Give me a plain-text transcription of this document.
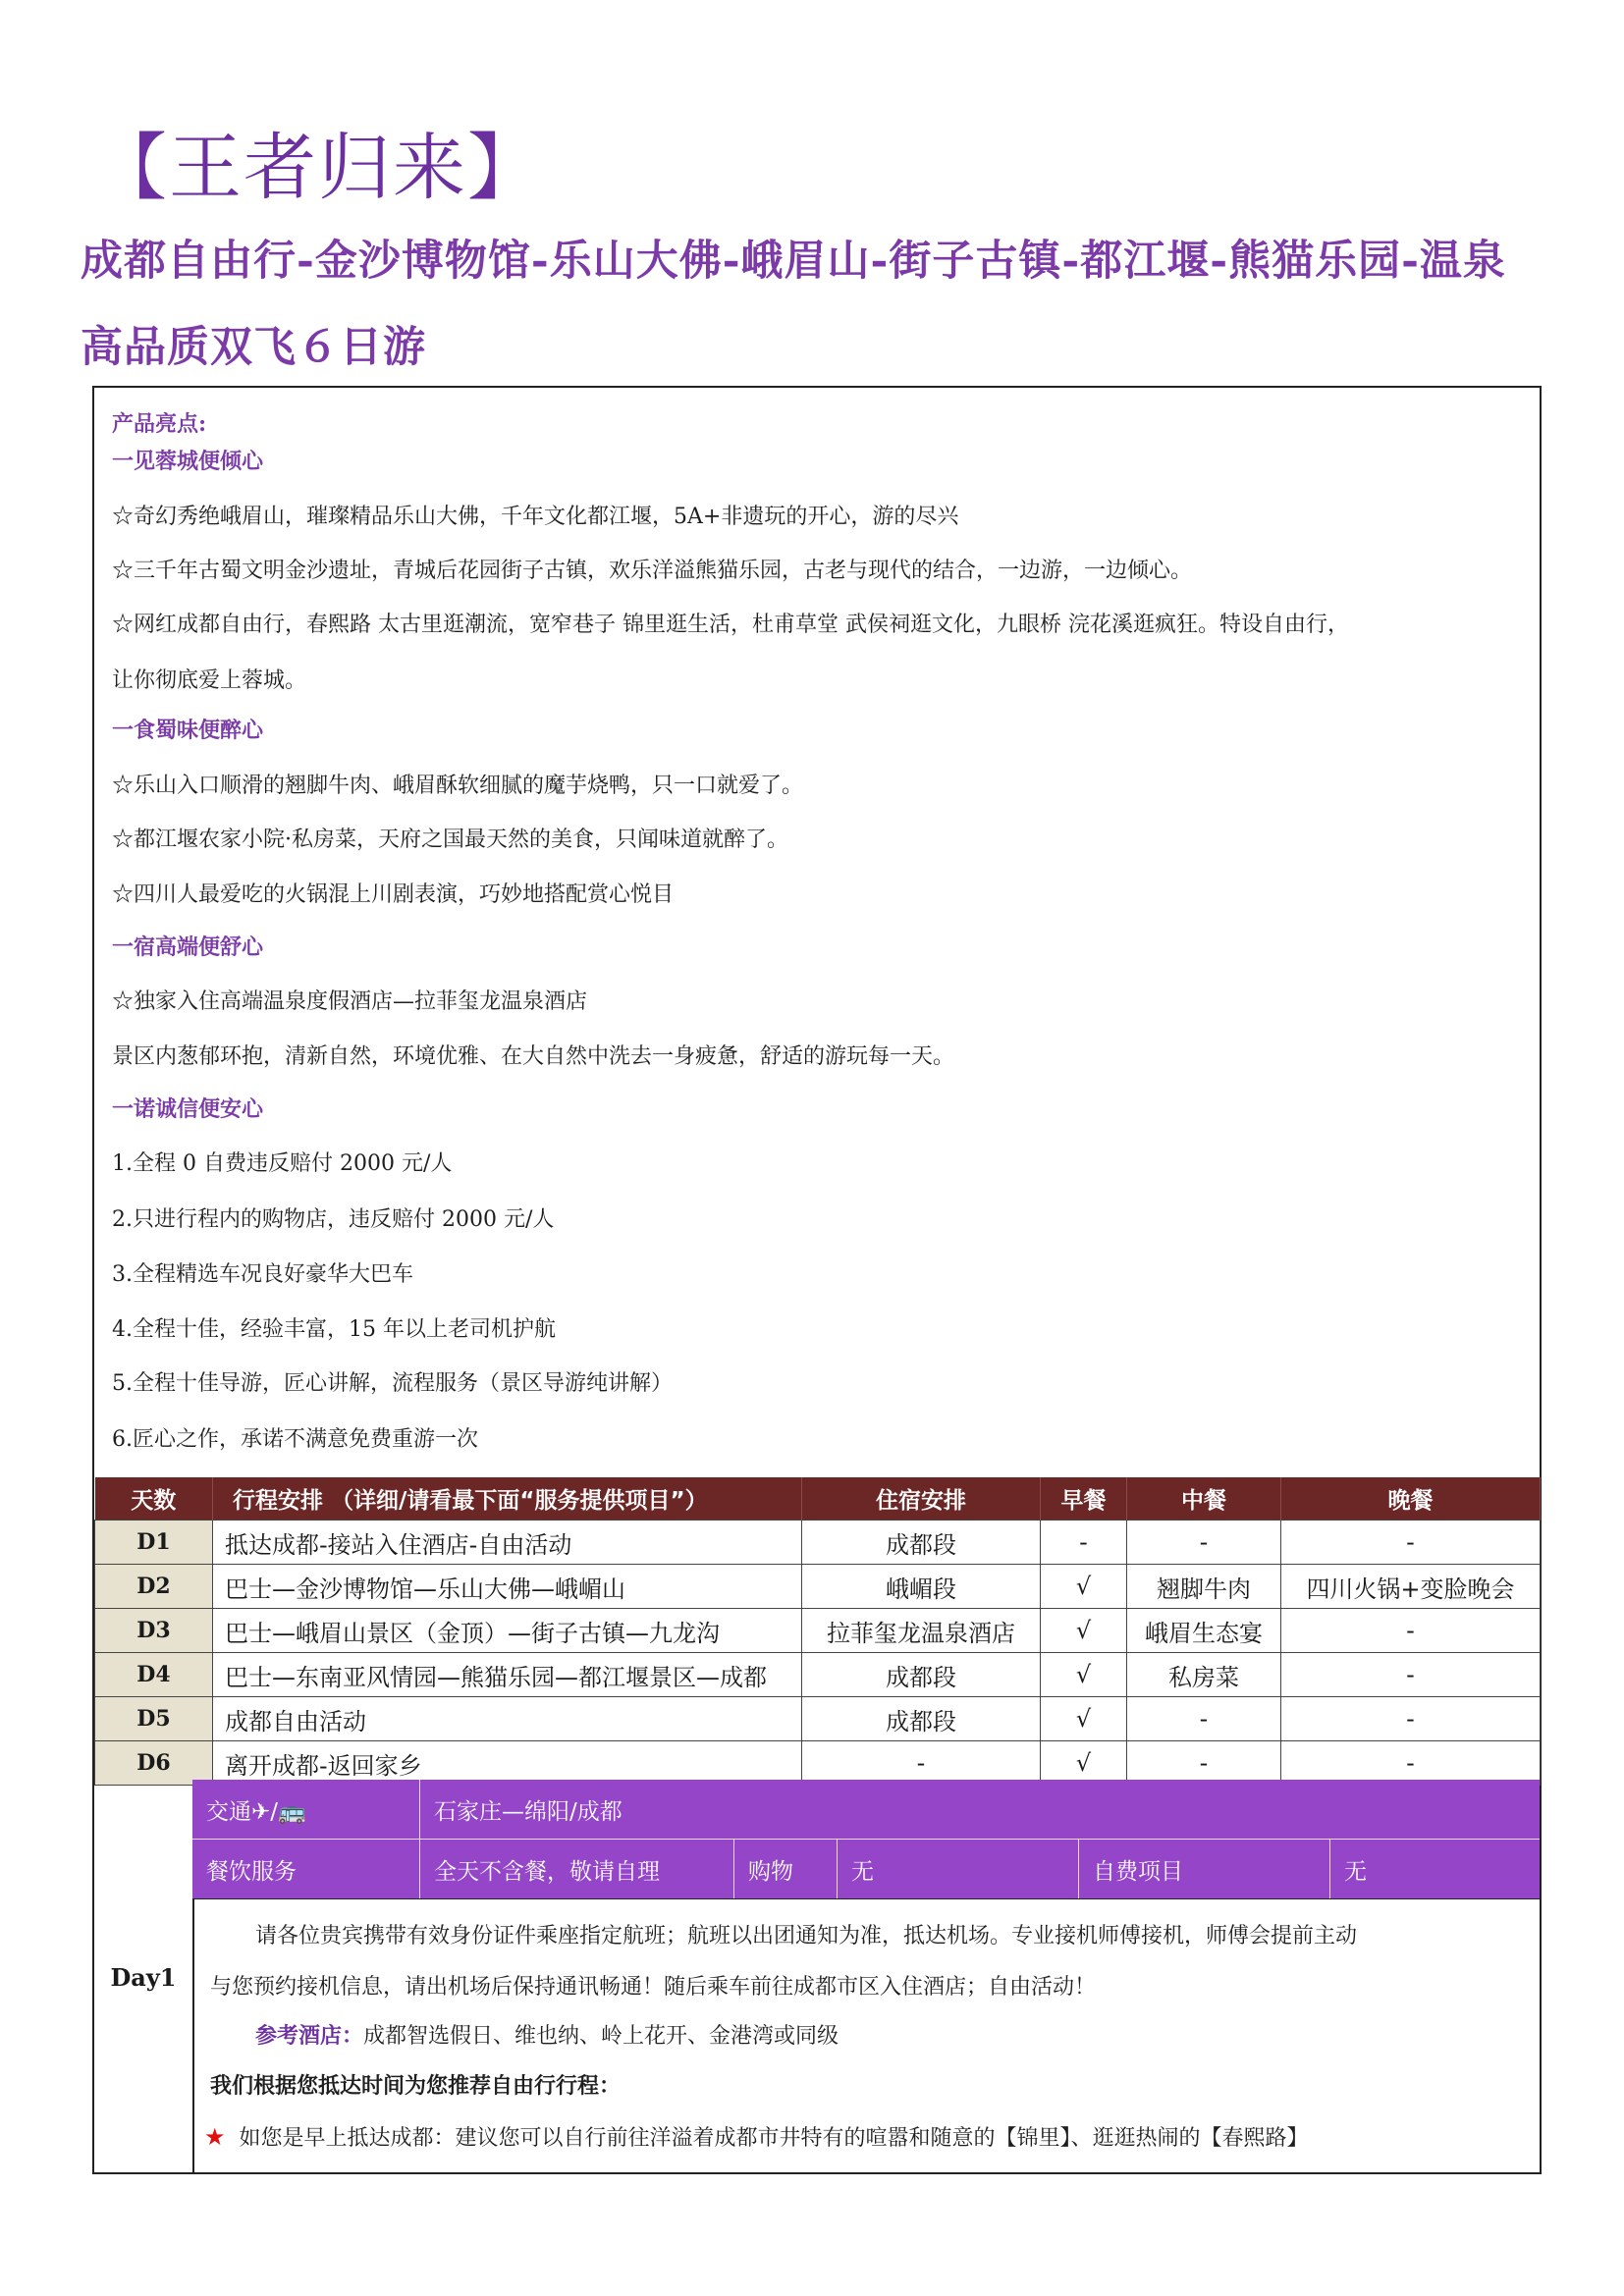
【王者归来】
成都自由行-金沙博物馆-乐山大佛-峨眉山-街子古镇-都江堰-熊猫乐园-温泉
高品质双飞６日游
产品亮点:
一见蓉城便倾心
☆奇幻秀绝峨眉山，璀璨精品乐山大佛，千年文化都江堰，5A+非遗玩的开心，游的尽兴
☆三千年古蜀文明金沙遗址，青城后花园街子古镇，欢乐洋溢熊猫乐园，古老与现代的结合，一边游，一边倾心。
☆网红成都自由行，春熙路 太古里逛潮流，宽窄巷子 锦里逛生活，杜甫草堂 武侯祠逛文化，九眼桥 浣花溪逛疯狂。特设自由行，
让你彻底爱上蓉城。
一食蜀味便醉心
☆乐山入口顺滑的翘脚牛肉、峨眉酥软细腻的魔芋烧鸭，只一口就爱了。
☆都江堰农家小院·私房菜，天府之国最天然的美食，只闻味道就醉了。
☆四川人最爱吃的火锅混上川剧表演，巧妙地搭配赏心悦目
一宿高端便舒心
☆独家入住高端温泉度假酒店—拉菲玺龙温泉酒店
景区内葱郁环抱，清新自然，环境优雅、在大自然中洗去一身疲惫，舒适的游玩每一天。
一诺诚信便安心
1.全程 0 自费违反赔付 2000 元/人
2.只进行程内的购物店，违反赔付 2000 元/人
3.全程精选车况良好豪华大巴车
4.全程十佳，经验丰富，15 年以上老司机护航
5.全程十佳导游，匠心讲解，流程服务（景区导游纯讲解）
6.匠心之作，承诺不满意免费重游一次
天数	行程安排 （详细/请看最下面“服务提供项目”）	住宿安排	早餐	中餐	晚餐
D1	抵达成都-接站入住酒店-自由活动	成都段	-	-	-
D2	巴士—金沙博物馆—乐山大佛—峨嵋山	峨嵋段	√	翘脚牛肉	四川火锅+变脸晚会
D3	巴士—峨眉山景区（金顶）—街子古镇—九龙沟	拉菲玺龙温泉酒店	√	峨眉生态宴	-
D4	巴士—东南亚风情园—熊猫乐园—都江堰景区—成都	成都段	√	私房菜	-
D5	成都自由活动	成都段	√	-	-
D6	离开成都-返回家乡	-	√	-	-
Day1
交通✈/🚌	石家庄—绵阳/成都
餐饮服务	全天不含餐，敬请自理	购物	无	自费项目	无
请各位贵宾携带有效身份证件乘座指定航班；航班以出团通知为准，抵达机场。专业接机师傅接机，师傅会提前主动
与您预约接机信息，请出机场后保持通讯畅通！随后乘车前往成都市区入住酒店；自由活动！
参考酒店：成都智选假日、维也纳、岭上花开、金港湾或同级
我们根据您抵达时间为您推荐自由行行程：
★ 如您是早上抵达成都：建议您可以自行前往洋溢着成都市井特有的喧嚣和随意的【锦里】、逛逛热闹的【春熙路】
